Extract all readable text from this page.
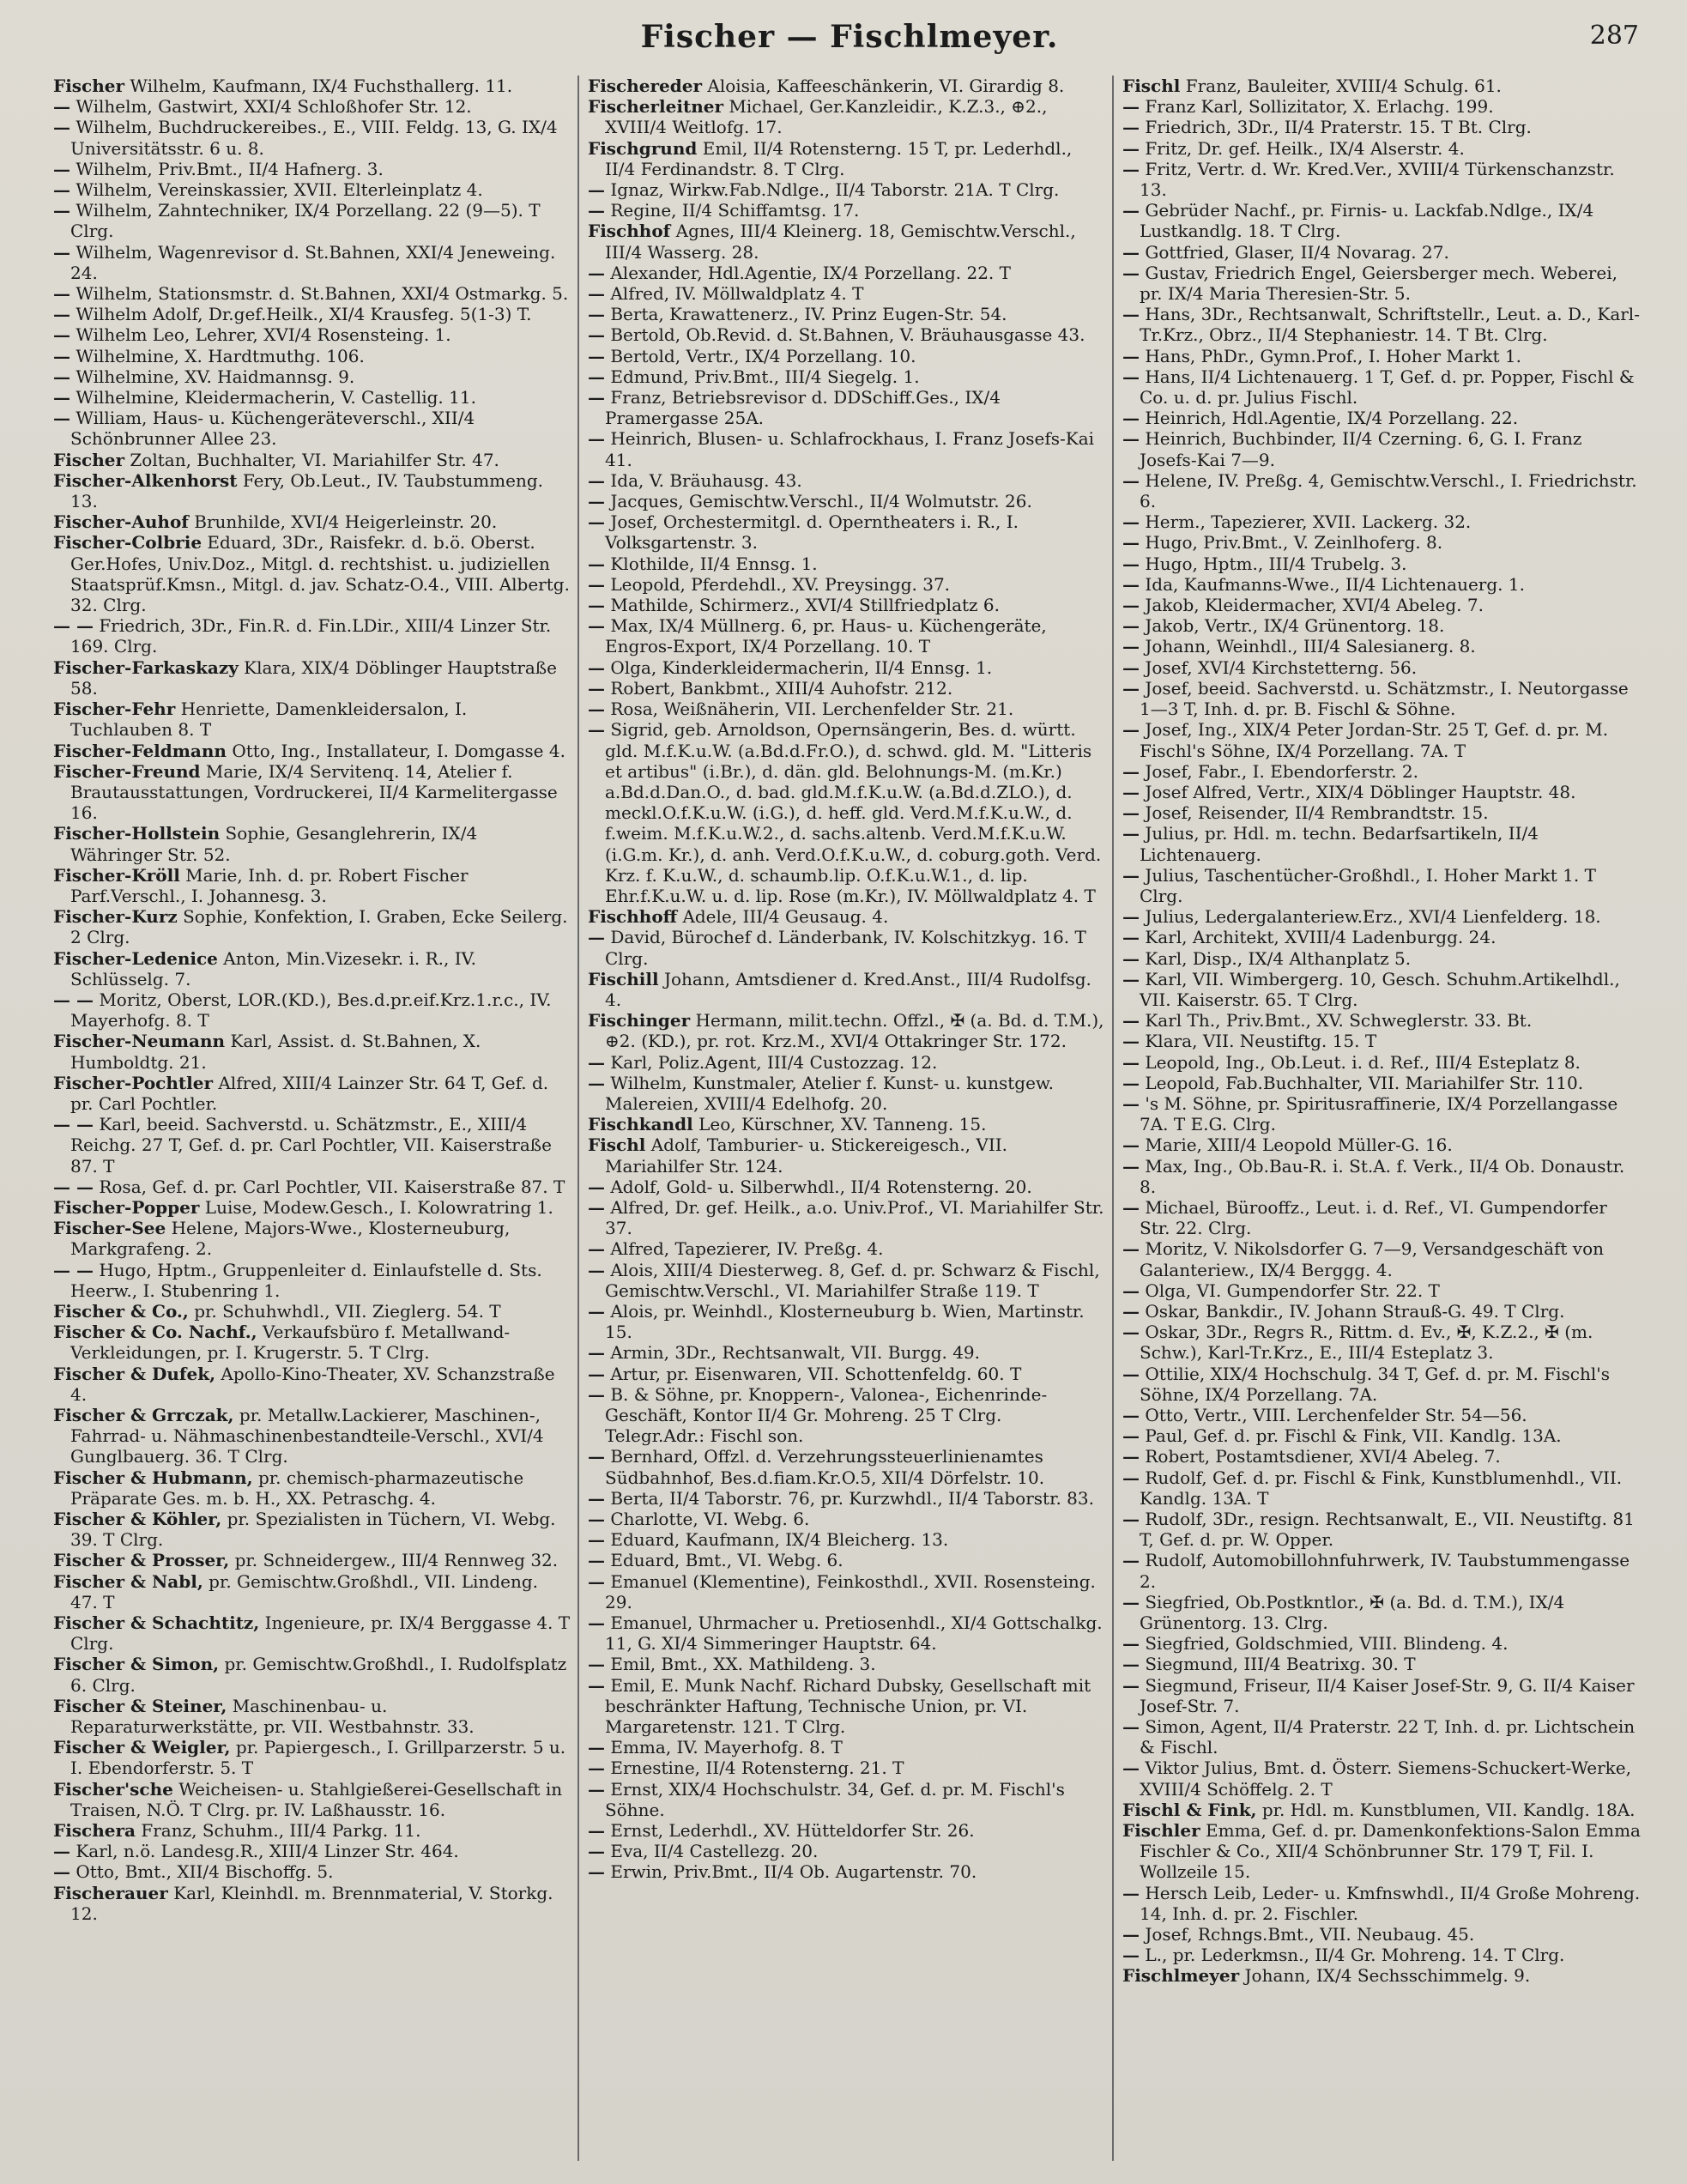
Fischer — Fischlmeyer.	287

Fischer Wilhelm, Kaufmann, IX/4 Fuchsthallerg. 11.

— Wilhelm, Gastwirt, XXI/4 Schloßhofer Str. 12.

— Wilhelm, Buchdruckereibes., E., VIII. Feldg. 13, G. IX/4 Universitätsstr. 6 u. 8.

— Wilhelm, Priv.Bmt., II/4 Hafnerg. 3.

— Wilhelm, Vereinskassier, XVII. Elterleinplatz 4.

— Wilhelm, Zahntechniker, IX/4 Porzellang. 22 (9—5). T Clrg.

— Wilhelm, Wagenrevisor d. St.Bahnen, XXI/4 Jeneweing. 24.

— Wilhelm, Stationsmstr. d. St.Bahnen, XXI/4 Ostmarkg. 5.

— Wilhelm Adolf, Dr.gef.Heilk., XI/4 Krausfeg. 5(1-3) T.

— Wilhelm Leo, Lehrer, XVI/4 Rosensteing. 1.

— Wilhelmine, X. Hardtmuthg. 106.

— Wilhelmine, XV. Haidmannsg. 9.

— Wilhelmine, Kleidermacherin, V. Castellig. 11.

— William, Haus- u. Küchengeräteverschl., XII/4 Schönbrunner Allee 23.

Fischer Zoltan, Buchhalter, VI. Mariahilfer Str. 47.

Fischer-Alkenhorst Fery, Ob.Leut., IV. Taubstummeng. 13.

Fischer-Auhof Brunhilde, XVI/4 Heigerleinstr. 20.

Fischer-Colbrie Eduard, 3Dr., Raisfekr. d. b.ö. Oberst. Ger.Hofes, Univ.Doz., Mitgl. d. rechtshist. u. judiziellen Staatsprüf.Kmsn., Mitgl. d. jav. Schatz-O.4., VIII. Albertg. 32. Clrg.

— — Friedrich, 3Dr., Fin.R. d. Fin.LDir., XIII/4 Linzer Str. 169. Clrg.

Fischer-Farkaskazy Klara, XIX/4 Döblinger Hauptstraße 58.

Fischer-Fehr Henriette, Damenkleidersalon, I. Tuchlauben 8. T

Fischer-Feldmann Otto, Ing., Installateur, I. Domgasse 4.

Fischer-Freund Marie, IX/4 Servitenq. 14, Atelier f. Brautausstattungen, Vordruckerei, II/4 Karmelitergasse 16.

Fischer-Hollstein Sophie, Gesanglehrerin, IX/4 Währinger Str. 52.

Fischer-Kröll Marie, Inh. d. pr. Robert Fischer Parf.Verschl., I. Johannesg. 3.

Fischer-Kurz Sophie, Konfektion, I. Graben, Ecke Seilerg. 2 Clrg.

Fischer-Ledenice Anton, Min.Vizesekr. i. R., IV. Schlüsselg. 7.

— — Moritz, Oberst, LOR.(KD.), Bes.d.pr.eif.Krz.1.r.c., IV. Mayerhofg. 8. T

Fischer-Neumann Karl, Assist. d. St.Bahnen, X. Humboldtg. 21.

Fischer-Pochtler Alfred, XIII/4 Lainzer Str. 64 T, Gef. d. pr. Carl Pochtler.

— — Karl, beeid. Sachverstd. u. Schätzmstr., E., XIII/4 Reichg. 27 T, Gef. d. pr. Carl Pochtler, VII. Kaiserstraße 87. T

— — Rosa, Gef. d. pr. Carl Pochtler, VII. Kaiserstraße 87. T

Fischer-Popper Luise, Modew.Gesch., I. Kolowratring 1.

Fischer-See Helene, Majors-Wwe., Klosterneuburg, Markgrafeng. 2.

— — Hugo, Hptm., Gruppenleiter d. Einlaufstelle d. Sts. Heerw., I. Stubenring 1.

Fischer & Co., pr. Schuhwhdl., VII. Zieglerg. 54. T

Fischer & Co. Nachf., Verkaufsbüro f. Metallwand-Verkleidungen, pr. I. Krugerstr. 5. T Clrg.

Fischer & Dufek, Apollo-Kino-Theater, XV. Schanzstraße 4.

Fischer & Grrczak, pr. Metallw.Lackierer, Maschinen-, Fahrrad- u. Nähmaschinenbestandteile-Verschl., XVI/4 Gunglbauerg. 36. T Clrg.

Fischer & Hubmann, pr. chemisch-pharmazeutische Präparate Ges. m. b. H., XX. Petraschg. 4.

Fischer & Köhler, pr. Spezialisten in Tüchern, VI. Webg. 39. T Clrg.

Fischer & Prosser, pr. Schneidergew., III/4 Rennweg 32.

Fischer & Nabl, pr. Gemischtw.Großhdl., VII. Lindeng. 47. T

Fischer & Schachtitz, Ingenieure, pr. IX/4 Berggasse 4. T Clrg.

Fischer & Simon, pr. Gemischtw.Großhdl., I. Rudolfsplatz 6. Clrg.

Fischer & Steiner, Maschinenbau- u. Reparaturwerkstätte, pr. VII. Westbahnstr. 33.

Fischer & Weigler, pr. Papiergesch., I. Grillparzerstr. 5 u. I. Ebendorferstr. 5. T

Fischer'sche Weicheisen- u. Stahlgießerei-Gesellschaft in Traisen, N.Ö. T Clrg. pr. IV. Laßhausstr. 16.

Fischera Franz, Schuhm., III/4 Parkg. 11.

— Karl, n.ö. Landesg.R., XIII/4 Linzer Str. 464.

— Otto, Bmt., XII/4 Bischoffg. 5.

Fischerauer Karl, Kleinhdl. m. Brennmaterial, V. Storkg. 12.

Fischereder Aloisia, Kaffeeschänkerin, VI. Girardig 8.

Fischerleitner Michael, Ger.Kanzleidir., K.Z.3., ⊕2., XVIII/4 Weitlofg. 17.

Fischgrund Emil, II/4 Rotensterng. 15 T, pr. Lederhdl., II/4 Ferdinandstr. 8. T Clrg.

— Ignaz, Wirkw.Fab.Ndlge., II/4 Taborstr. 21A. T Clrg.

— Regine, II/4 Schiffamtsg. 17.

Fischhof Agnes, III/4 Kleinerg. 18, Gemischtw.Verschl., III/4 Wasserg. 28.

— Alexander, Hdl.Agentie, IX/4 Porzellang. 22. T

— Alfred, IV. Möllwaldplatz 4. T

— Berta, Krawattenerz., IV. Prinz Eugen-Str. 54.

— Bertold, Ob.Revid. d. St.Bahnen, V. Bräuhausgasse 43.

— Bertold, Vertr., IX/4 Porzellang. 10.

— Edmund, Priv.Bmt., III/4 Siegelg. 1.

— Franz, Betriebsrevisor d. DDSchiff.Ges., IX/4 Pramergasse 25A.

— Heinrich, Blusen- u. Schlafrockhaus, I. Franz Josefs-Kai 41.

— Ida, V. Bräuhausg. 43.

— Jacques, Gemischtw.Verschl., II/4 Wolmutstr. 26.

— Josef, Orchestermitgl. d. Operntheaters i. R., I. Volksgartenstr. 3.

— Klothilde, II/4 Ennsg. 1.

— Leopold, Pferdehdl., XV. Preysingg. 37.

— Mathilde, Schirmerz., XVI/4 Stillfriedplatz 6.

— Max, IX/4 Müllnerg. 6, pr. Haus- u. Küchengeräte, Engros-Export, IX/4 Porzellang. 10. T

— Olga, Kinderkleidermacherin, II/4 Ennsg. 1.

— Robert, Bankbmt., XIII/4 Auhofstr. 212.

— Rosa, Weißnäherin, VII. Lerchenfelder Str. 21.

— Sigrid, geb. Arnoldson, Opernsängerin, Bes. d. württ. gld. M.f.K.u.W. (a.Bd.d.Fr.O.), d. schwd. gld. M. "Litteris et artibus" (i.Br.), d. dän. gld. Belohnungs-M. (m.Kr.) a.Bd.d.Dan.O., d. bad. gld.M.f.K.u.W. (a.Bd.d.ZLO.), d. meckl.O.f.K.u.W. (i.G.), d. heff. gld. Verd.M.f.K.u.W., d. f.weim. M.f.K.u.W.2., d. sachs.altenb. Verd.M.f.K.u.W. (i.G.m. Kr.), d. anh. Verd.O.f.K.u.W., d. coburg.goth. Verd. Krz. f. K.u.W., d. schaumb.lip. O.f.K.u.W.1., d. lip. Ehr.f.K.u.W. u. d. lip. Rose (m.Kr.), IV. Möllwaldplatz 4. T

Fischhoff Adele, III/4 Geusaug. 4.

— David, Bürochef d. Länderbank, IV. Kolschitzkyg. 16. T Clrg.

Fischill Johann, Amtsdiener d. Kred.Anst., III/4 Rudolfsg. 4.

Fischinger Hermann, milit.techn. Offzl., ✠ (a. Bd. d. T.M.), ⊕2. (KD.), pr. rot. Krz.M., XVI/4 Ottakringer Str. 172.

— Karl, Poliz.Agent, III/4 Custozzag. 12.

— Wilhelm, Kunstmaler, Atelier f. Kunst- u. kunstgew. Malereien, XVIII/4 Edelhofg. 20.

Fischkandl Leo, Kürschner, XV. Tanneng. 15.

Fischl Adolf, Tamburier- u. Stickereigesch., VII. Mariahilfer Str. 124.

— Adolf, Gold- u. Silberwhdl., II/4 Rotensterng. 20.

— Alfred, Dr. gef. Heilk., a.o. Univ.Prof., VI. Mariahilfer Str. 37.

— Alfred, Tapezierer, IV. Preßg. 4.

— Alois, XIII/4 Diesterweg. 8, Gef. d. pr. Schwarz & Fischl, Gemischtw.Verschl., VI. Mariahilfer Straße 119. T

— Alois, pr. Weinhdl., Klosterneuburg b. Wien, Martinstr. 15.

— Armin, 3Dr., Rechtsanwalt, VII. Burgg. 49.

— Artur, pr. Eisenwaren, VII. Schottenfeldg. 60. T

— B. & Söhne, pr. Knoppern-, Valonea-, Eichenrinde-Geschäft, Kontor II/4 Gr. Mohreng. 25 T Clrg. Telegr.Adr.: Fischl son.

— Bernhard, Offzl. d. Verzehrungssteuerlinienamtes Südbahnhof, Bes.d.fiam.Kr.O.5, XII/4 Dörfelstr. 10.

— Berta, II/4 Taborstr. 76, pr. Kurzwhdl., II/4 Taborstr. 83.

— Charlotte, VI. Webg. 6.

— Eduard, Kaufmann, IX/4 Bleicherg. 13.

— Eduard, Bmt., VI. Webg. 6.

— Emanuel (Klementine), Feinkosthdl., XVII. Rosensteing. 29.

— Emanuel, Uhrmacher u. Pretiosenhdl., XI/4 Gottschalkg. 11, G. XI/4 Simmeringer Hauptstr. 64.

— Emil, Bmt., XX. Mathildeng. 3.

— Emil, E. Munk Nachf. Richard Dubsky, Gesellschaft mit beschränkter Haftung, Technische Union, pr. VI. Margaretenstr. 121. T Clrg.

— Emma, IV. Mayerhofg. 8. T

— Ernestine, II/4 Rotensterng. 21. T

— Ernst, XIX/4 Hochschulstr. 34, Gef. d. pr. M. Fischl's Söhne.

— Ernst, Lederhdl., XV. Hütteldorfer Str. 26.

— Eva, II/4 Castellezg. 20.

— Erwin, Priv.Bmt., II/4 Ob. Augartenstr. 70.

Fischl Franz, Bauleiter, XVIII/4 Schulg. 61.

— Franz Karl, Sollizitator, X. Erlachg. 199.

— Friedrich, 3Dr., II/4 Praterstr. 15. T Bt. Clrg.

— Fritz, Dr. gef. Heilk., IX/4 Alserstr. 4.

— Fritz, Vertr. d. Wr. Kred.Ver., XVIII/4 Türkenschanzstr. 13.

— Gebrüder Nachf., pr. Firnis- u. Lackfab.Ndlge., IX/4 Lustkandlg. 18. T Clrg.

— Gottfried, Glaser, II/4 Novarag. 27.

— Gustav, Friedrich Engel, Geiersberger mech. Weberei, pr. IX/4 Maria Theresien-Str. 5.

— Hans, 3Dr., Rechtsanwalt, Schriftstellr., Leut. a. D., Karl-Tr.Krz., Obrz., II/4 Stephaniestr. 14. T Bt. Clrg.

— Hans, PhDr., Gymn.Prof., I. Hoher Markt 1.

— Hans, II/4 Lichtenauerg. 1 T, Gef. d. pr. Popper, Fischl & Co. u. d. pr. Julius Fischl.

— Heinrich, Hdl.Agentie, IX/4 Porzellang. 22.

— Heinrich, Buchbinder, II/4 Czerning. 6, G. I. Franz Josefs-Kai 7—9.

— Helene, IV. Preßg. 4, Gemischtw.Verschl., I. Friedrichstr. 6.

— Herm., Tapezierer, XVII. Lackerg. 32.

— Hugo, Priv.Bmt., V. Zeinlhoferg. 8.

— Hugo, Hptm., III/4 Trubelg. 3.

— Ida, Kaufmanns-Wwe., II/4 Lichtenauerg. 1.

— Jakob, Kleidermacher, XVI/4 Abeleg. 7.

— Jakob, Vertr., IX/4 Grünentorg. 18.

— Johann, Weinhdl., III/4 Salesianerg. 8.

— Josef, XVI/4 Kirchstetterng. 56.

— Josef, beeid. Sachverstd. u. Schätzmstr., I. Neutorgasse 1—3 T, Inh. d. pr. B. Fischl & Söhne.

— Josef, Ing., XIX/4 Peter Jordan-Str. 25 T, Gef. d. pr. M. Fischl's Söhne, IX/4 Porzellang. 7A. T

— Josef, Fabr., I. Ebendorferstr. 2.

— Josef Alfred, Vertr., XIX/4 Döblinger Hauptstr. 48.

— Josef, Reisender, II/4 Rembrandtstr. 15.

— Julius, pr. Hdl. m. techn. Bedarfsartikeln, II/4 Lichtenauerg.

— Julius, Taschentücher-Großhdl., I. Hoher Markt 1. T Clrg.

— Julius, Ledergalanteriew.Erz., XVI/4 Lienfelderg. 18.

— Karl, Architekt, XVIII/4 Ladenburgg. 24.

— Karl, Disp., IX/4 Althanplatz 5.

— Karl, VII. Wimbergerg. 10, Gesch. Schuhm.Artikelhdl., VII. Kaiserstr. 65. T Clrg.

— Karl Th., Priv.Bmt., XV. Schweglerstr. 33. Bt.

— Klara, VII. Neustiftg. 15. T

— Leopold, Ing., Ob.Leut. i. d. Ref., III/4 Esteplatz 8.

— Leopold, Fab.Buchhalter, VII. Mariahilfer Str. 110.

— 's M. Söhne, pr. Spiritusraffinerie, IX/4 Porzellangasse 7A. T E.G. Clrg.

— Marie, XIII/4 Leopold Müller-G. 16.

— Max, Ing., Ob.Bau-R. i. St.A. f. Verk., II/4 Ob. Donaustr. 8.

— Michael, Bürooffz., Leut. i. d. Ref., VI. Gumpendorfer Str. 22. Clrg.

— Moritz, V. Nikolsdorfer G. 7—9, Versandgeschäft von Galanteriew., IX/4 Berggg. 4.

— Olga, VI. Gumpendorfer Str. 22. T

— Oskar, Bankdir., IV. Johann Strauß-G. 49. T Clrg.

— Oskar, 3Dr., Regrs R., Rittm. d. Ev., ✠, K.Z.2., ✠ (m. Schw.), Karl-Tr.Krz., E., III/4 Esteplatz 3.

— Ottilie, XIX/4 Hochschulg. 34 T, Gef. d. pr. M. Fischl's Söhne, IX/4 Porzellang. 7A.

— Otto, Vertr., VIII. Lerchenfelder Str. 54—56.

— Paul, Gef. d. pr. Fischl & Fink, VII. Kandlg. 13A.

— Robert, Postamtsdiener, XVI/4 Abeleg. 7.

— Rudolf, Gef. d. pr. Fischl & Fink, Kunstblumenhdl., VII. Kandlg. 13A. T

— Rudolf, 3Dr., resign. Rechtsanwalt, E., VII. Neustiftg. 81 T, Gef. d. pr. W. Opper.

— Rudolf, Automobillohnfuhrwerk, IV. Taubstummengasse 2.

— Siegfried, Ob.Postkntlor., ✠ (a. Bd. d. T.M.), IX/4 Grünentorg. 13. Clrg.

— Siegfried, Goldschmied, VIII. Blindeng. 4.

— Siegmund, III/4 Beatrixg. 30. T

— Siegmund, Friseur, II/4 Kaiser Josef-Str. 9, G. II/4 Kaiser Josef-Str. 7.

— Simon, Agent, II/4 Praterstr. 22 T, Inh. d. pr. Lichtschein & Fischl.

— Viktor Julius, Bmt. d. Österr. Siemens-Schuckert-Werke, XVIII/4 Schöffelg. 2. T

Fischl & Fink, pr. Hdl. m. Kunstblumen, VII. Kandlg. 18A.

Fischler Emma, Gef. d. pr. Damenkonfektions-Salon Emma Fischler & Co., XII/4 Schönbrunner Str. 179 T, Fil. I. Wollzeile 15.

— Hersch Leib, Leder- u. Kmfnswhdl., II/4 Große Mohreng. 14, Inh. d. pr. 2. Fischler.

— Josef, Rchngs.Bmt., VII. Neubaug. 45.

— L., pr. Lederkmsn., II/4 Gr. Mohreng. 14. T Clrg.

Fischlmeyer Johann, IX/4 Sechsschimmelg. 9.
